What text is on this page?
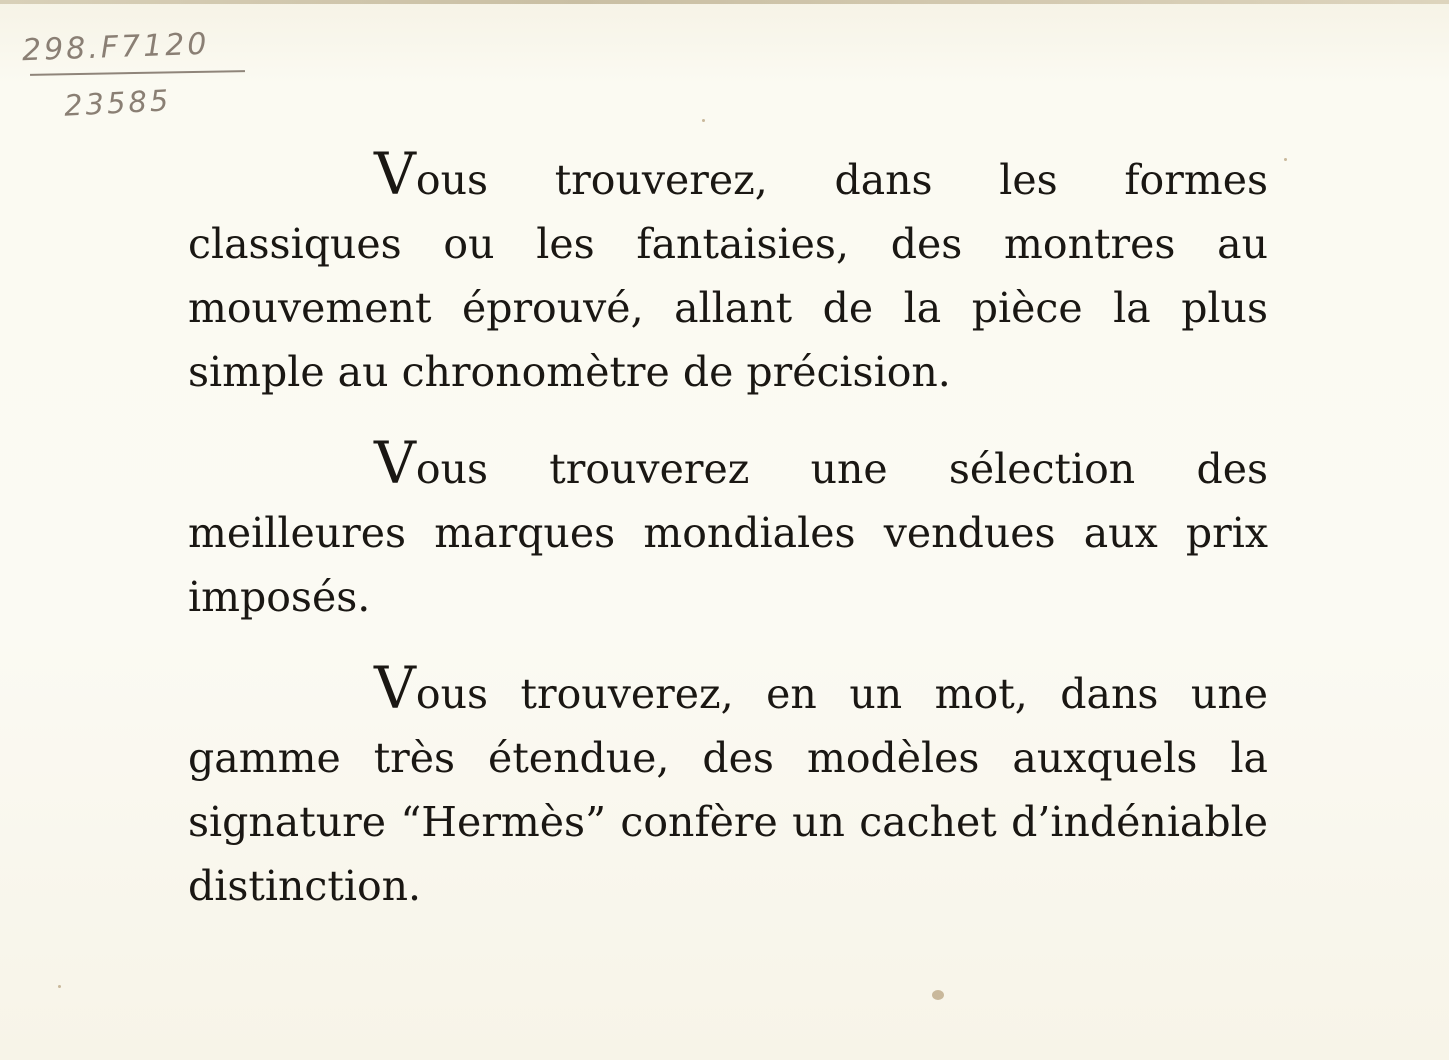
298.F7120
23585

Vous trouverez, dans les formes classiques ou les fantaisies, des montres au mouvement éprouvé, allant de la pièce la plus simple au chronomètre de précision.

Vous trouverez une sélection des meilleures marques mondiales vendues aux prix imposés.

Vous trouverez, en un mot, dans une gamme très étendue, des modèles auxquels la signature “Hermès” confère un cachet d’indéniable distinction.
